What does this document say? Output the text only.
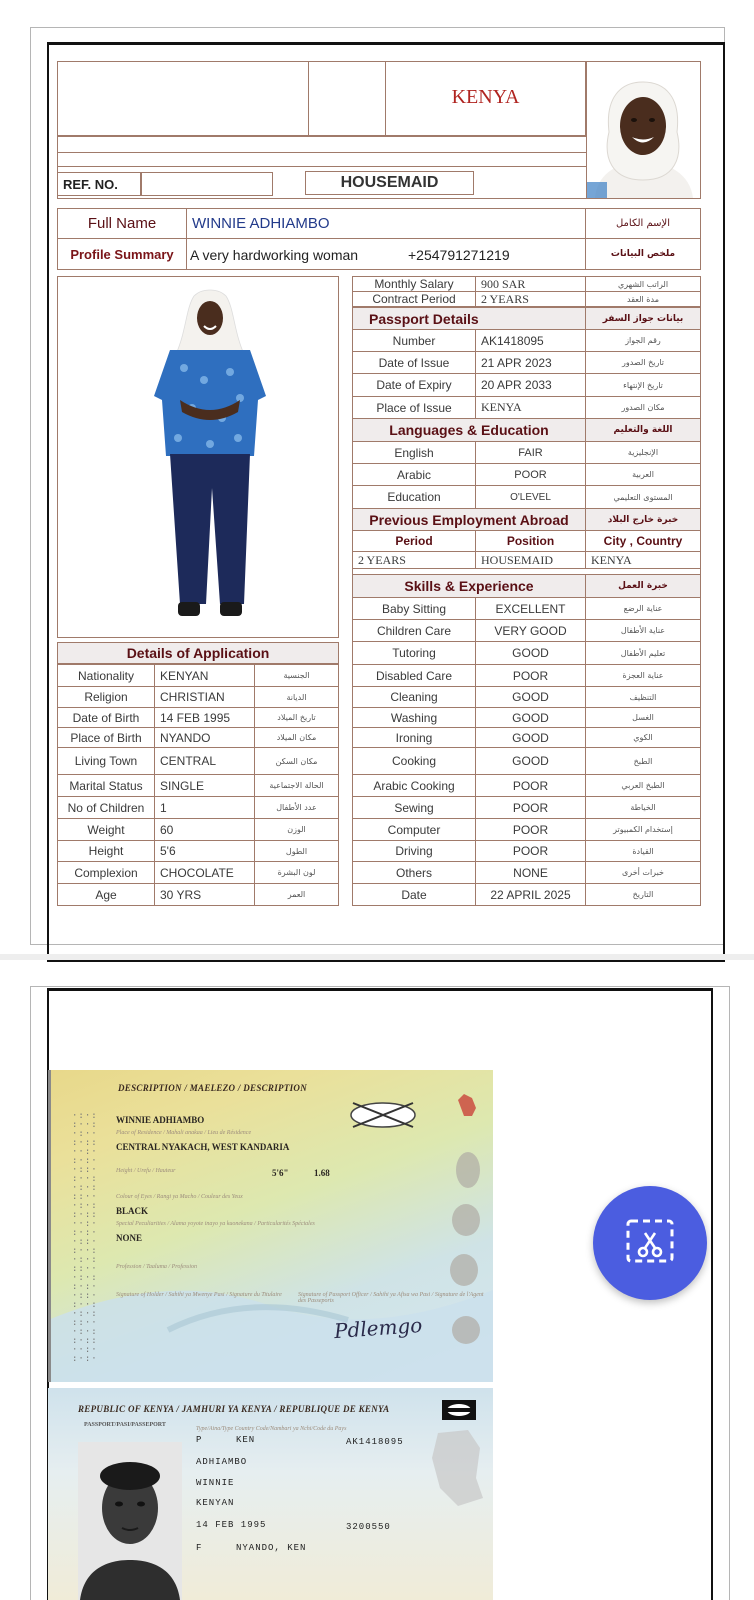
KENYA
REF. NO.	HOUSEMAID
Full Name	WINNIE ADHIAMBO	الإسم الكامل
Profile Summary	A very hardworking woman	+254791271219	ملخص البيانات
Monthly Salary	900 SAR	الراتب الشهري
Contract Period	2 YEARS	مدة العقد
Passport Details	بيانات جواز السفر
Number	AK1418095	رقم الجواز
Date of Issue	21 APR 2023	تاريخ الصدور
Date of Expiry	20 APR 2033	تاريخ الإنتهاء
Place of Issue	KENYA	مكان الصدور
Languages & Education	اللغة والتعليم
English	FAIR	الإنجليزية
Arabic	POOR	العربية
Education	O'LEVEL	المستوى التعليمي
Previous Employment Abroad	خبرة خارج البلاد
Period	Position	City , Country
2 YEARS	HOUSEMAID	KENYA
Skills & Experience	خبرة العمل
Baby Sitting	EXCELLENT	عناية الرضع
Children Care	VERY GOOD	عناية الأطفال
Tutoring	GOOD	تعليم الأطفال
Disabled Care	POOR	عناية العجزة
Cleaning	GOOD	التنظيف
Washing	GOOD	الغسل
Ironing	GOOD	الكوي
Cooking	GOOD	الطبخ
Arabic Cooking	POOR	الطبخ العربي
Sewing	POOR	الخياطة
Computer	POOR	إستخدام الكمبيوتر
Driving	POOR	القيادة
Others	NONE	خبرات أخرى
Date	22 APRIL 2025	التاريخ
Details of Application
Nationality	KENYAN	الجنسية
Religion	CHRISTIAN	الديانة
Date of Birth	14 FEB 1995	تاريخ الميلاد
Place of Birth	NYANDO	مكان الميلاد
Living Town	CENTRAL	مكان السكن
Marital Status	SINGLE	الحالة الاجتماعية
No of Children	1	عدد الأطفال
Weight	60	الوزن
Height	5'6	الطول
Complexion	CHOCOLATE	لون البشرة
Age	30 YRS	العمر
·:·:
:··:
·:··
:·::
··:·
:·:·
·::·
:··:
·:·:
::··
·:·:
:·::
··:·
:·:·
·::·
:··:
·:·:
::··
·:·:
:·:·
·::·
:··:
·:·:
::··
·:·:
:·::
··:·
:·:·
DESCRIPTION / MAELEZO / DESCRIPTION
WINNIE ADHIAMBO
Place of Residence / Mahali anakaa / Lieu de Résidence
CENTRAL NYAKACH, WEST KANDARIA
Height / Urefu / Hauteur	5'6"	1.68
Colour of Eyes / Rangi ya Macho / Couleur des Yeux
BLACK
Special Peculiarities / Alama yoyote inayo ya kuonekana / Particularités Spéciales
NONE
Profession / Taaluma / Profession
Signature of Holder / Sahihi ya Mwenye Pasi / Signature du Titulaire	Signature of Passport Officer / Sahihi ya Afisa wa Pasi / Signature de l'Agent des Passeports
Pdlemgo
REPUBLIC OF KENYA / JAMHURI YA KENYA / REPUBLIQUE DE KENYA
PASSPORT/PASI/PASSEPORT
Type/Aina/Type Country Code/Nambari ya Nchi/Code du Pays
P	KEN	AK1418095
ADHIAMBO
WINNIE
KENYAN
14 FEB 1995	3200550
F	NYANDO, KEN
